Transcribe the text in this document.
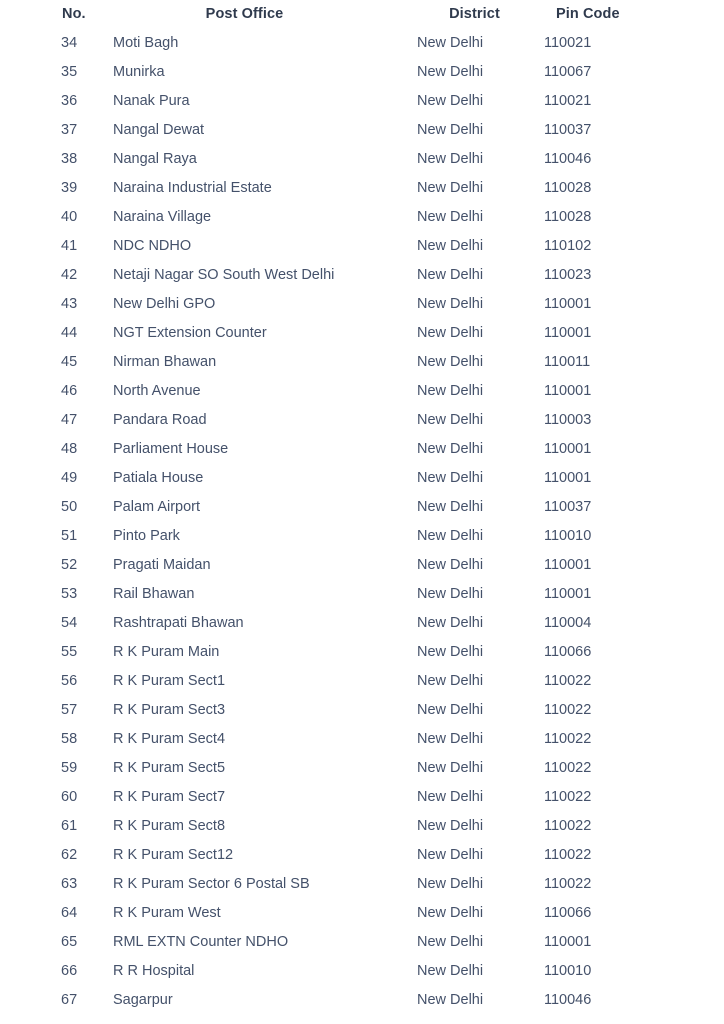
No.	Post Office	District	Pin Code
34	Moti Bagh	New Delhi	110021
35	Munirka	New Delhi	110067
36	Nanak Pura	New Delhi	110021
37	Nangal Dewat	New Delhi	110037
38	Nangal Raya	New Delhi	110046
39	Naraina Industrial Estate	New Delhi	110028
40	Naraina Village	New Delhi	110028
41	NDC NDHO	New Delhi	110102
42	Netaji Nagar SO South West Delhi	New Delhi	110023
43	New Delhi GPO	New Delhi	110001
44	NGT Extension Counter	New Delhi	110001
45	Nirman Bhawan	New Delhi	110011
46	North Avenue	New Delhi	110001
47	Pandara Road	New Delhi	110003
48	Parliament House	New Delhi	110001
49	Patiala House	New Delhi	110001
50	Palam Airport	New Delhi	110037
51	Pinto Park	New Delhi	110010
52	Pragati Maidan	New Delhi	110001
53	Rail Bhawan	New Delhi	110001
54	Rashtrapati Bhawan	New Delhi	110004
55	R K Puram Main	New Delhi	110066
56	R K Puram Sect1	New Delhi	110022
57	R K Puram Sect3	New Delhi	110022
58	R K Puram Sect4	New Delhi	110022
59	R K Puram Sect5	New Delhi	110022
60	R K Puram Sect7	New Delhi	110022
61	R K Puram Sect8	New Delhi	110022
62	R K Puram Sect12	New Delhi	110022
63	R K Puram Sector 6 Postal SB	New Delhi	110022
64	R K Puram West	New Delhi	110066
65	RML EXTN Counter NDHO	New Delhi	110001
66	R R Hospital	New Delhi	110010
67	Sagarpur	New Delhi	110046
